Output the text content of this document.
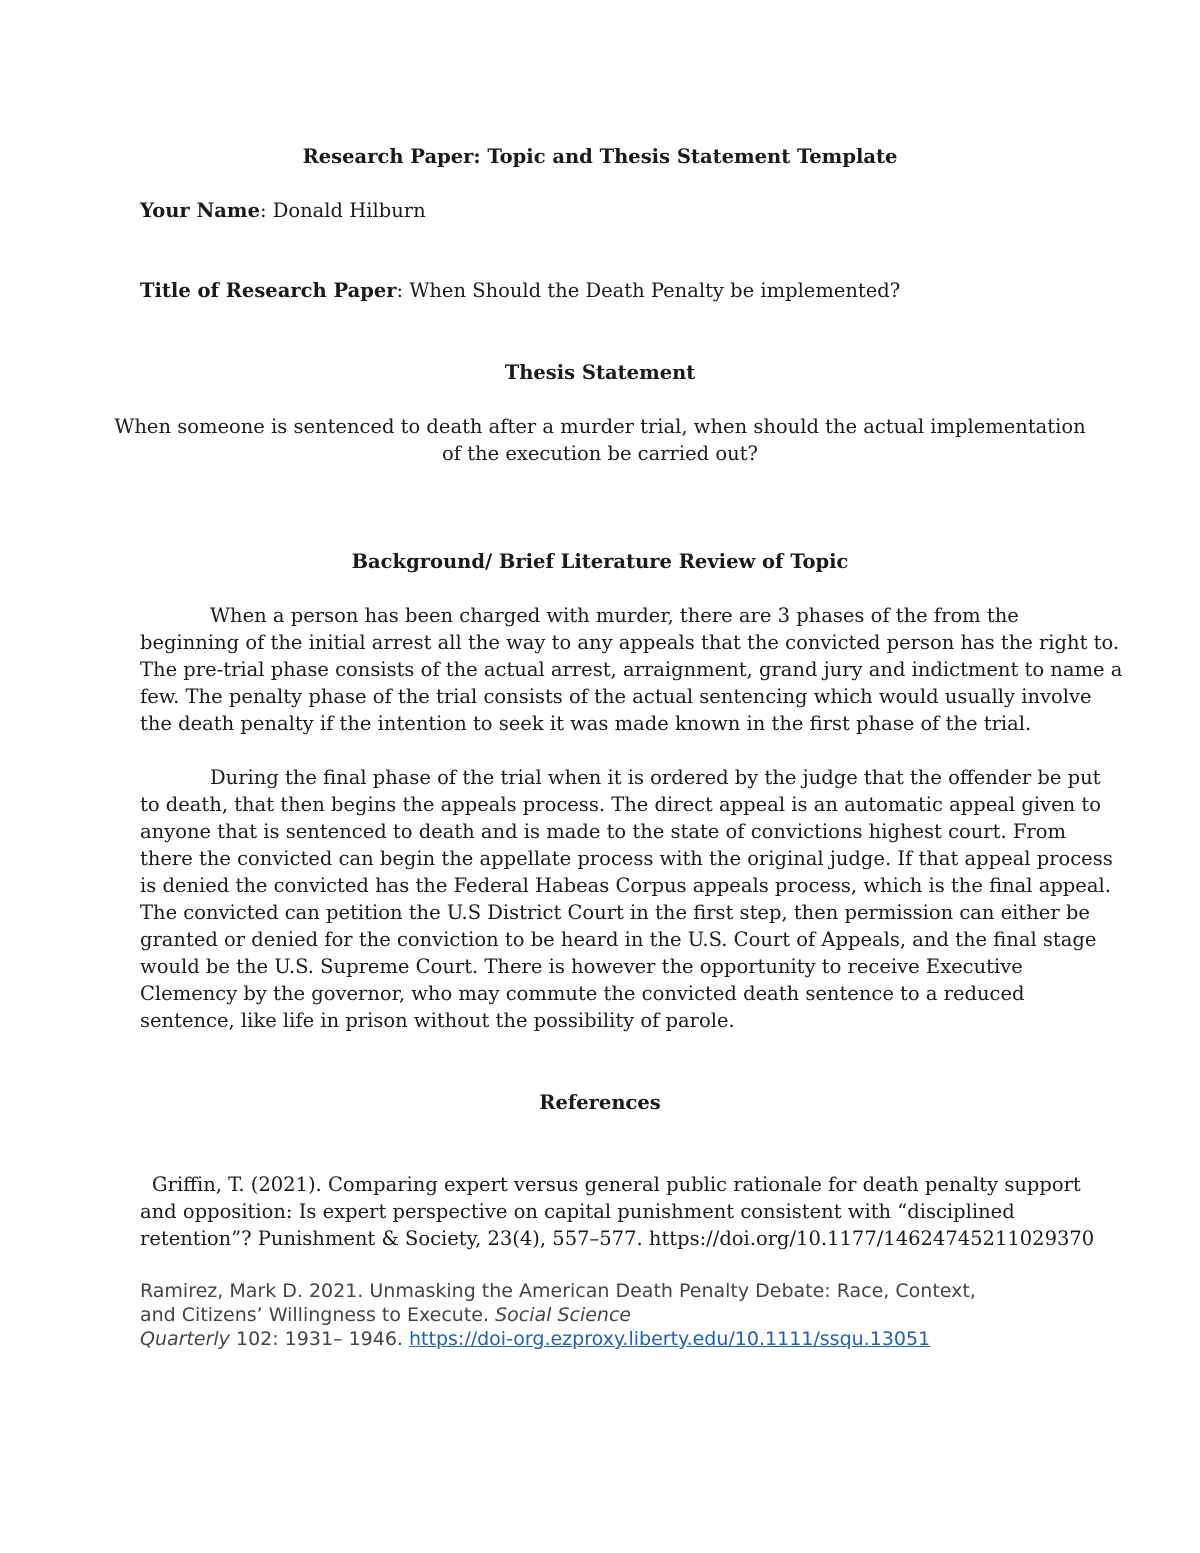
Research Paper: Topic and Thesis Statement Template
Your Name: Donald Hilburn
Title of Research Paper: When Should the Death Penalty be implemented?
Thesis Statement
When someone is sentenced to death after a murder trial, when should the actual implementation
of the execution be carried out?
Background/ Brief Literature Review of Topic
When a person has been charged with murder, there are 3 phases of the from the
beginning of the initial arrest all the way to any appeals that the convicted person has the right to.
The pre-trial phase consists of the actual arrest, arraignment, grand jury and indictment to name a
few. The penalty phase of the trial consists of the actual sentencing which would usually involve
the death penalty if the intention to seek it was made known in the first phase of the trial.
During the final phase of the trial when it is ordered by the judge that the offender be put
to death, that then begins the appeals process. The direct appeal is an automatic appeal given to
anyone that is sentenced to death and is made to the state of convictions highest court. From
there the convicted can begin the appellate process with the original judge. If that appeal process
is denied the convicted has the Federal Habeas Corpus appeals process, which is the final appeal.
The convicted can petition the U.S District Court in the first step, then permission can either be
granted or denied for the conviction to be heard in the U.S. Court of Appeals, and the final stage
would be the U.S. Supreme Court. There is however the opportunity to receive Executive
Clemency by the governor, who may commute the convicted death sentence to a reduced
sentence, like life in prison without the possibility of parole.
References
Griffin, T. (2021). Comparing expert versus general public rationale for death penalty support
and opposition: Is expert perspective on capital punishment consistent with “disciplined
retention”? Punishment & Society, 23(4), 557–577. https://doi.org/10.1177/14624745211029370
Ramirez, Mark D. 2021. Unmasking the American Death Penalty Debate: Race, Context,
and Citizens’ Willingness to Execute. Social Science
Quarterly 102: 1931– 1946. https://doi-org.ezproxy.liberty.edu/10.1111/ssqu.13051
